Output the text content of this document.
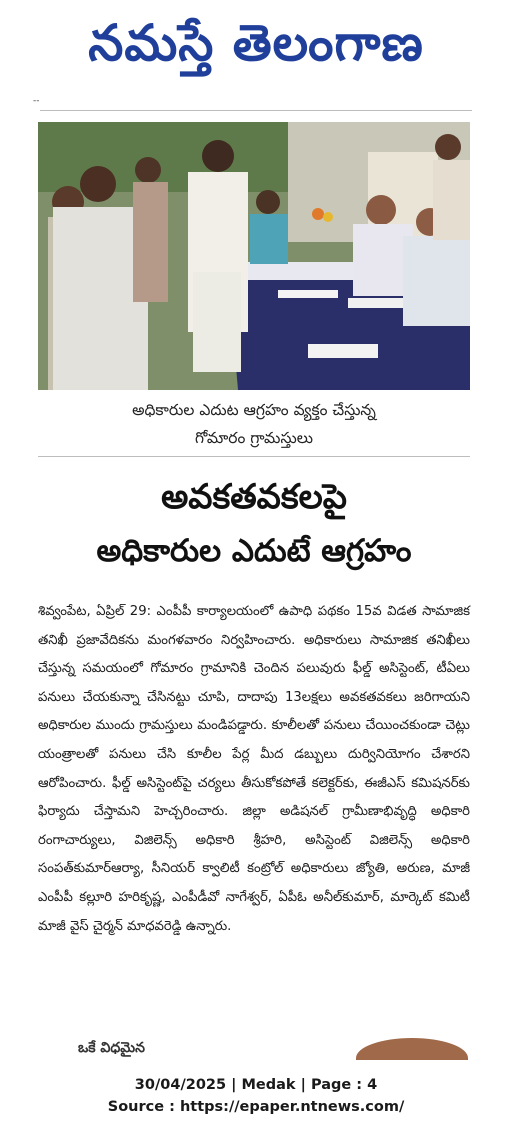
నమస్తే తెలంగాణ
--
అధికారుల ఎదుట ఆగ్రహం వ్యక్తం చేస్తున్న
గోమారం గ్రామస్తులు
అవకతవకలపై
అధికారుల ఎదుటే ఆగ్రహం

శివ్వంపేట, ఏప్రిల్ 29: ఎంపీపీ కార్యాలయంలో ఉపాధి పథకం 15వ విడత సామాజిక తనిఖీ ప్రజావేదికను మంగళవారం నిర్వహించారు. అధికారులు సామాజిక తనిఖీలు చేస్తున్న సమయంలో గోమారం గ్రామానికి చెందిన పలువురు ఫీల్డ్ అసిస్టెంట్, టీఏలు పనులు చేయకున్నా చేసినట్టు చూపి, దాదాపు 13లక్షలు అవకతవకలు జరిగాయని అధికారుల ముందు గ్రామస్తులు మండిపడ్డారు. కూలీలతో పనులు చేయించకుండా చెట్లు యంత్రాలతో పనులు చేసి కూలీల పేర్ల మీద డబ్బులు దుర్వినియోగం చేశారని ఆరోపించారు. ఫీల్డ్ అసిస్టెంట్‌పై చర్యలు తీసుకోకపోతే కలెక్టర్‌కు, ఈజీఎస్ కమిషనర్‌కు ఫిర్యాదు చేస్తామని హెచ్చరించారు. జిల్లా అడిషనల్ గ్రామీణాభివృద్ధి అధికారి రంగాచార్యులు, విజిలెన్స్ అధికారి శ్రీహరి, అసిస్టెంట్ విజిలెన్స్ అధికారి సంపత్‌కుమార్‌ఆర్యా, సీనియర్ క్వాలిటీ కంట్రోల్ అధికారులు జ్యోతి, అరుణ, మాజీ ఎంపీపీ కల్లూరి హరికృష్ణ, ఎంపీడీవో నాగేశ్వర్, ఏపీఓ అనీల్‌కుమార్, మార్కెట్ కమిటీ మాజీ వైస్ చైర్మన్ మాధవరెడ్డి ఉన్నారు.

ఒకే విధమైన
30/04/2025 | Medak | Page : 4
Source : https://epaper.ntnews.com/
